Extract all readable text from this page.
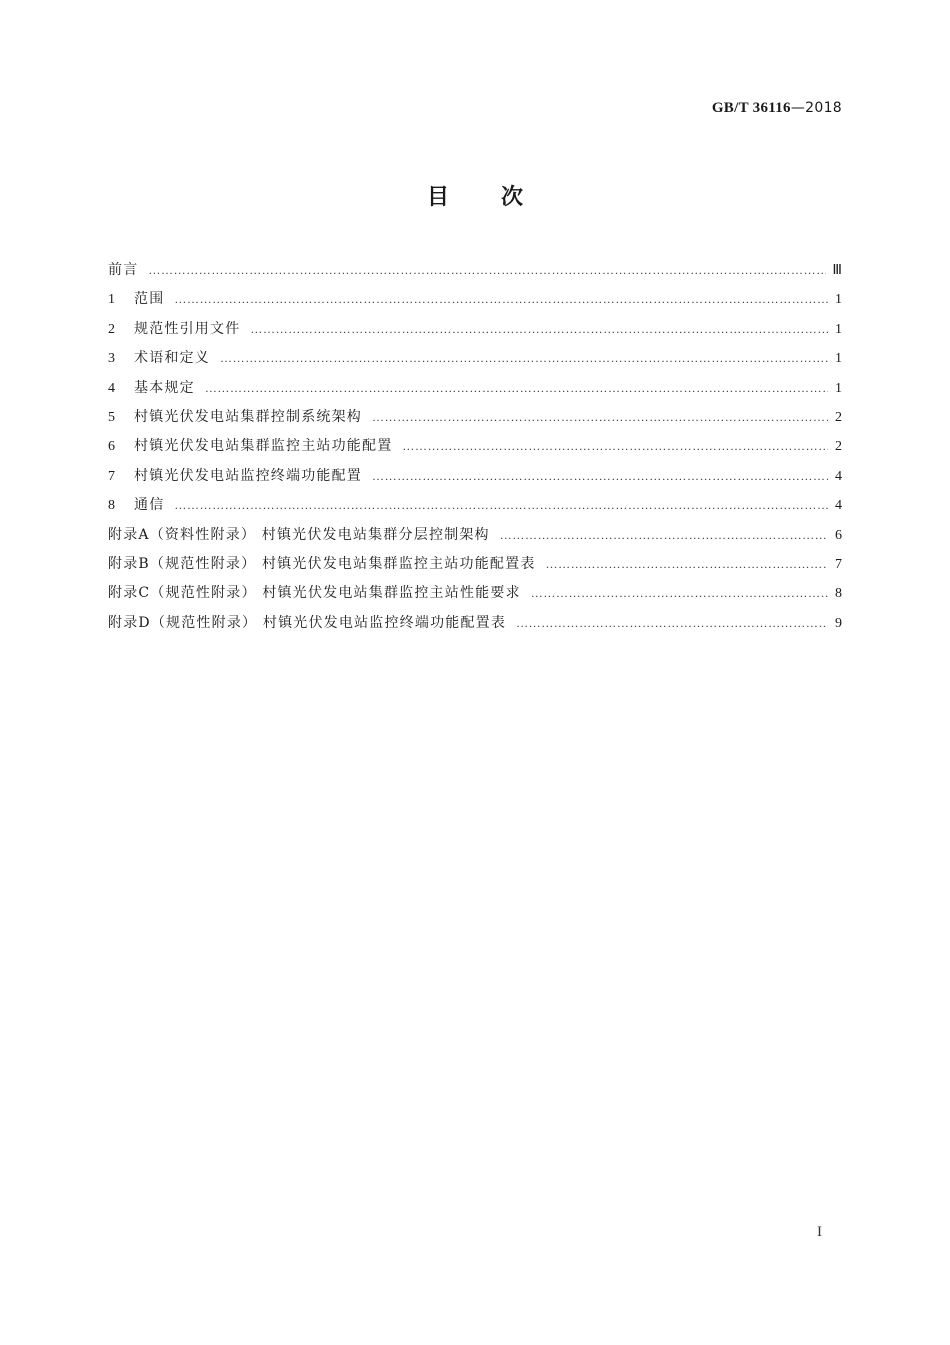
GB/T 36116—2018
目次
前言 …………………………………………………………………………………………………………………………………………………………………………………………………………	Ⅲ
1	范围 …………………………………………………………………………………………………………………………………………………………………………………………………………	1
2	规范性引用文件 …………………………………………………………………………………………………………………………………………………………………………………………………………	1
3	术语和定义 …………………………………………………………………………………………………………………………………………………………………………………………………………	1
4	基本规定 …………………………………………………………………………………………………………………………………………………………………………………………………………	1
5	村镇光伏发电站集群控制系统架构 …………………………………………………………………………………………………………………………………………………………………………………………………………	2
6	村镇光伏发电站集群监控主站功能配置 …………………………………………………………………………………………………………………………………………………………………………………………………………	2
7	村镇光伏发电站监控终端功能配置 …………………………………………………………………………………………………………………………………………………………………………………………………………	4
8	通信 …………………………………………………………………………………………………………………………………………………………………………………………………………	4
附录A（资料性附录） 村镇光伏发电站集群分层控制架构 …………………………………………………………………………………………………………………………………………………………………………………………………………	6
附录B（规范性附录） 村镇光伏发电站集群监控主站功能配置表 …………………………………………………………………………………………………………………………………………………………………………………………………………	7
附录C（规范性附录） 村镇光伏发电站集群监控主站性能要求 …………………………………………………………………………………………………………………………………………………………………………………………………………	8
附录D（规范性附录） 村镇光伏发电站监控终端功能配置表 …………………………………………………………………………………………………………………………………………………………………………………………………………	9
I
